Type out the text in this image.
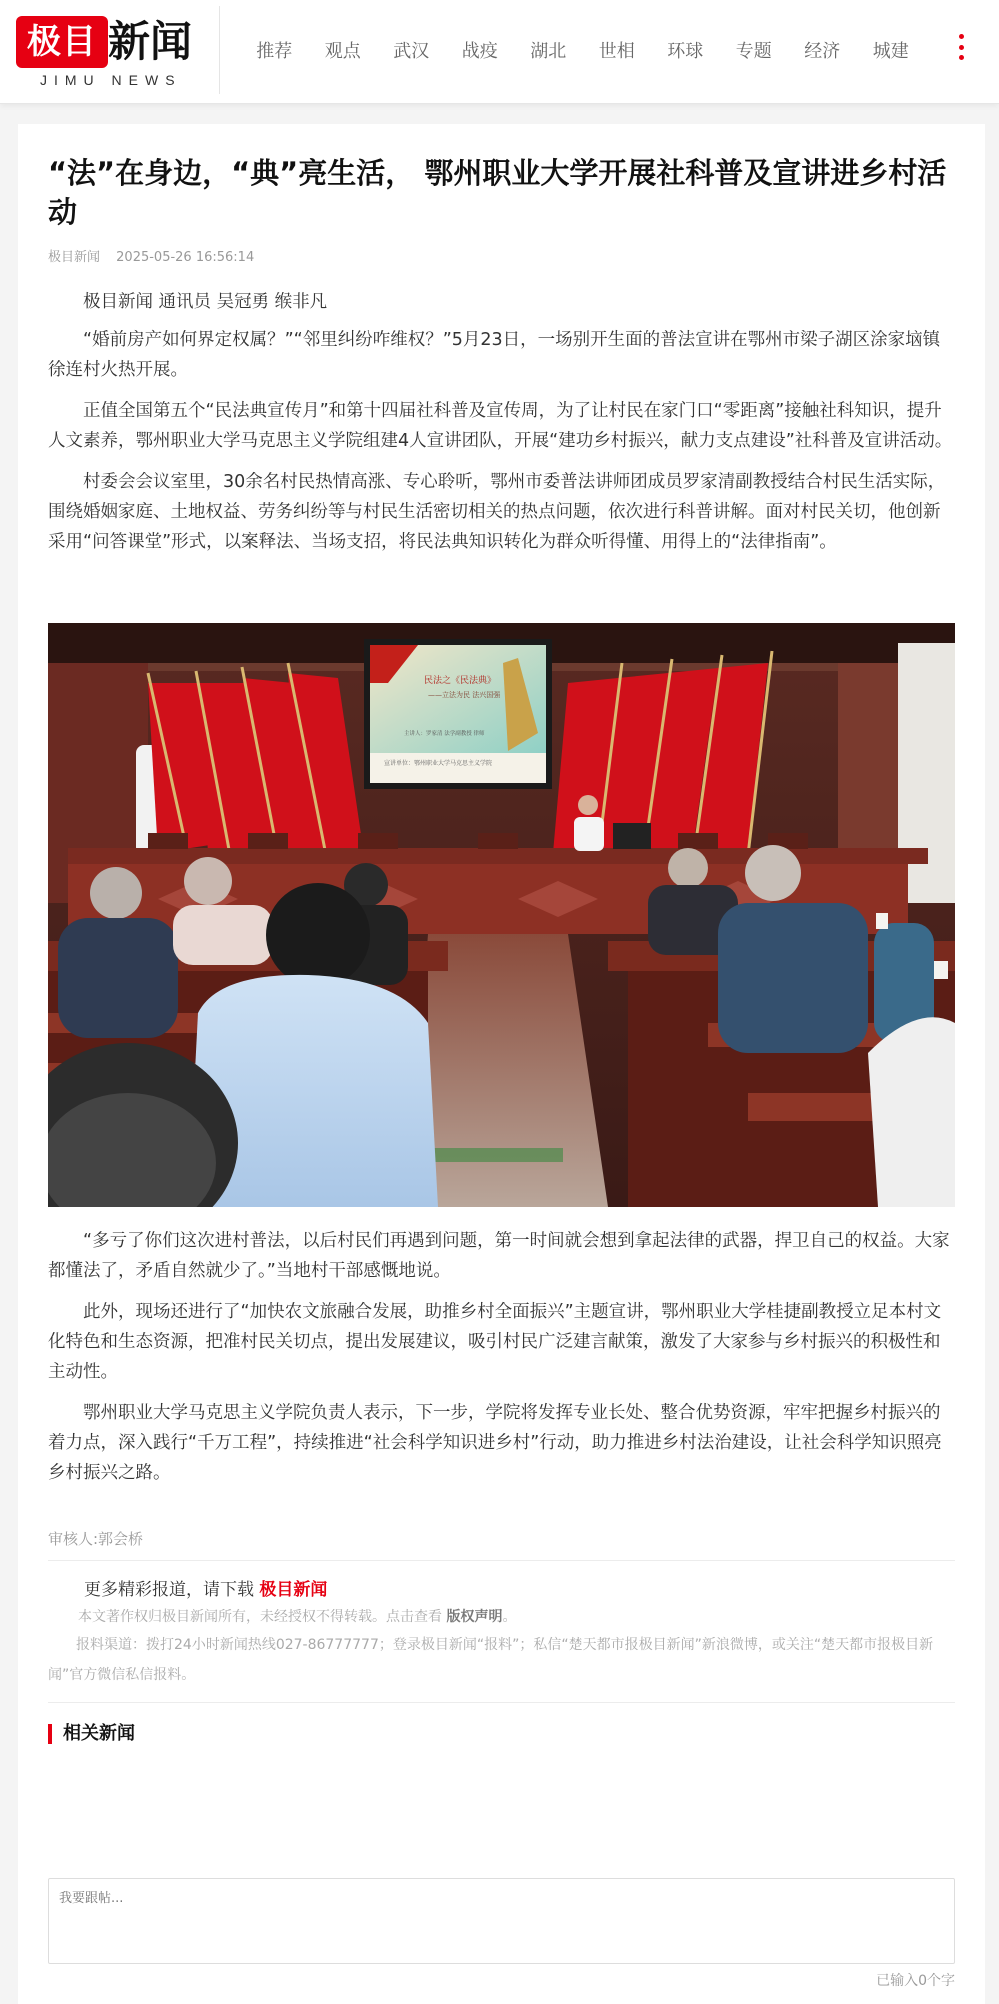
极目 新闻
JIMU NEWS
推荐	观点	武汉	战疫	湖北	世相	环球	专题	经济	城建
“法”在身边，“典”亮生活， 鄂州职业大学开展社科普及宣讲进乡村活动
极目新闻 2025-05-26 16:56:14

极目新闻 通讯员 吴冠勇 缑非凡

“婚前房产如何界定权属？”“邻里纠纷咋维权？”5月23日，一场别开生面的普法宣讲在鄂州市梁子湖区涂家垴镇徐连村火热开展。

正值全国第五个“民法典宣传月”和第十四届社科普及宣传周，为了让村民在家门口“零距离”接触社科知识，提升人文素养，鄂州职业大学马克思主义学院组建4人宣讲团队，开展“建功乡村振兴，献力支点建设”社科普及宣讲活动。

村委会会议室里，30余名村民热情高涨、专心聆听，鄂州市委普法讲师团成员罗家清副教授结合村民生活实际，围绕婚姻家庭、土地权益、劳务纠纷等与村民生活密切相关的热点问题，依次进行科普讲解。面对村民关切，他创新采用“问答课堂”形式，以案释法、当场支招，将民法典知识转化为群众听得懂、用得上的“法律指南”。

民法之《民法典》
——立法为民 法兴国强
主讲人：罗家清 法学副教授 律师
宣讲单位：鄂州职业大学马克思主义学院

“多亏了你们这次进村普法，以后村民们再遇到问题，第一时间就会想到拿起法律的武器，捍卫自己的权益。大家都懂法了，矛盾自然就少了。”当地村干部感慨地说。

此外，现场还进行了“加快农文旅融合发展，助推乡村全面振兴”主题宣讲，鄂州职业大学桂捷副教授立足本村文化特色和生态资源，把准村民关切点，提出发展建议，吸引村民广泛建言献策，激发了大家参与乡村振兴的积极性和主动性。

鄂州职业大学马克思主义学院负责人表示，下一步，学院将发挥专业长处、整合优势资源，牢牢把握乡村振兴的着力点，深入践行“千万工程”，持续推进“社会科学知识进乡村”行动，助力推进乡村法治建设，让社会科学知识照亮乡村振兴之路。

审核人:郭会桥
更多精彩报道，请下载 极目新闻
本文著作权归极目新闻所有，未经授权不得转载。点击查看 版权声明。
报料渠道：拨打24小时新闻热线027-86777777；登录极目新闻“报料”；私信“楚天都市报极目新闻”新浪微博，或关注“楚天都市报极目新闻”官方微信私信报料。
相关新闻
我要跟帖...
已输入0个字
